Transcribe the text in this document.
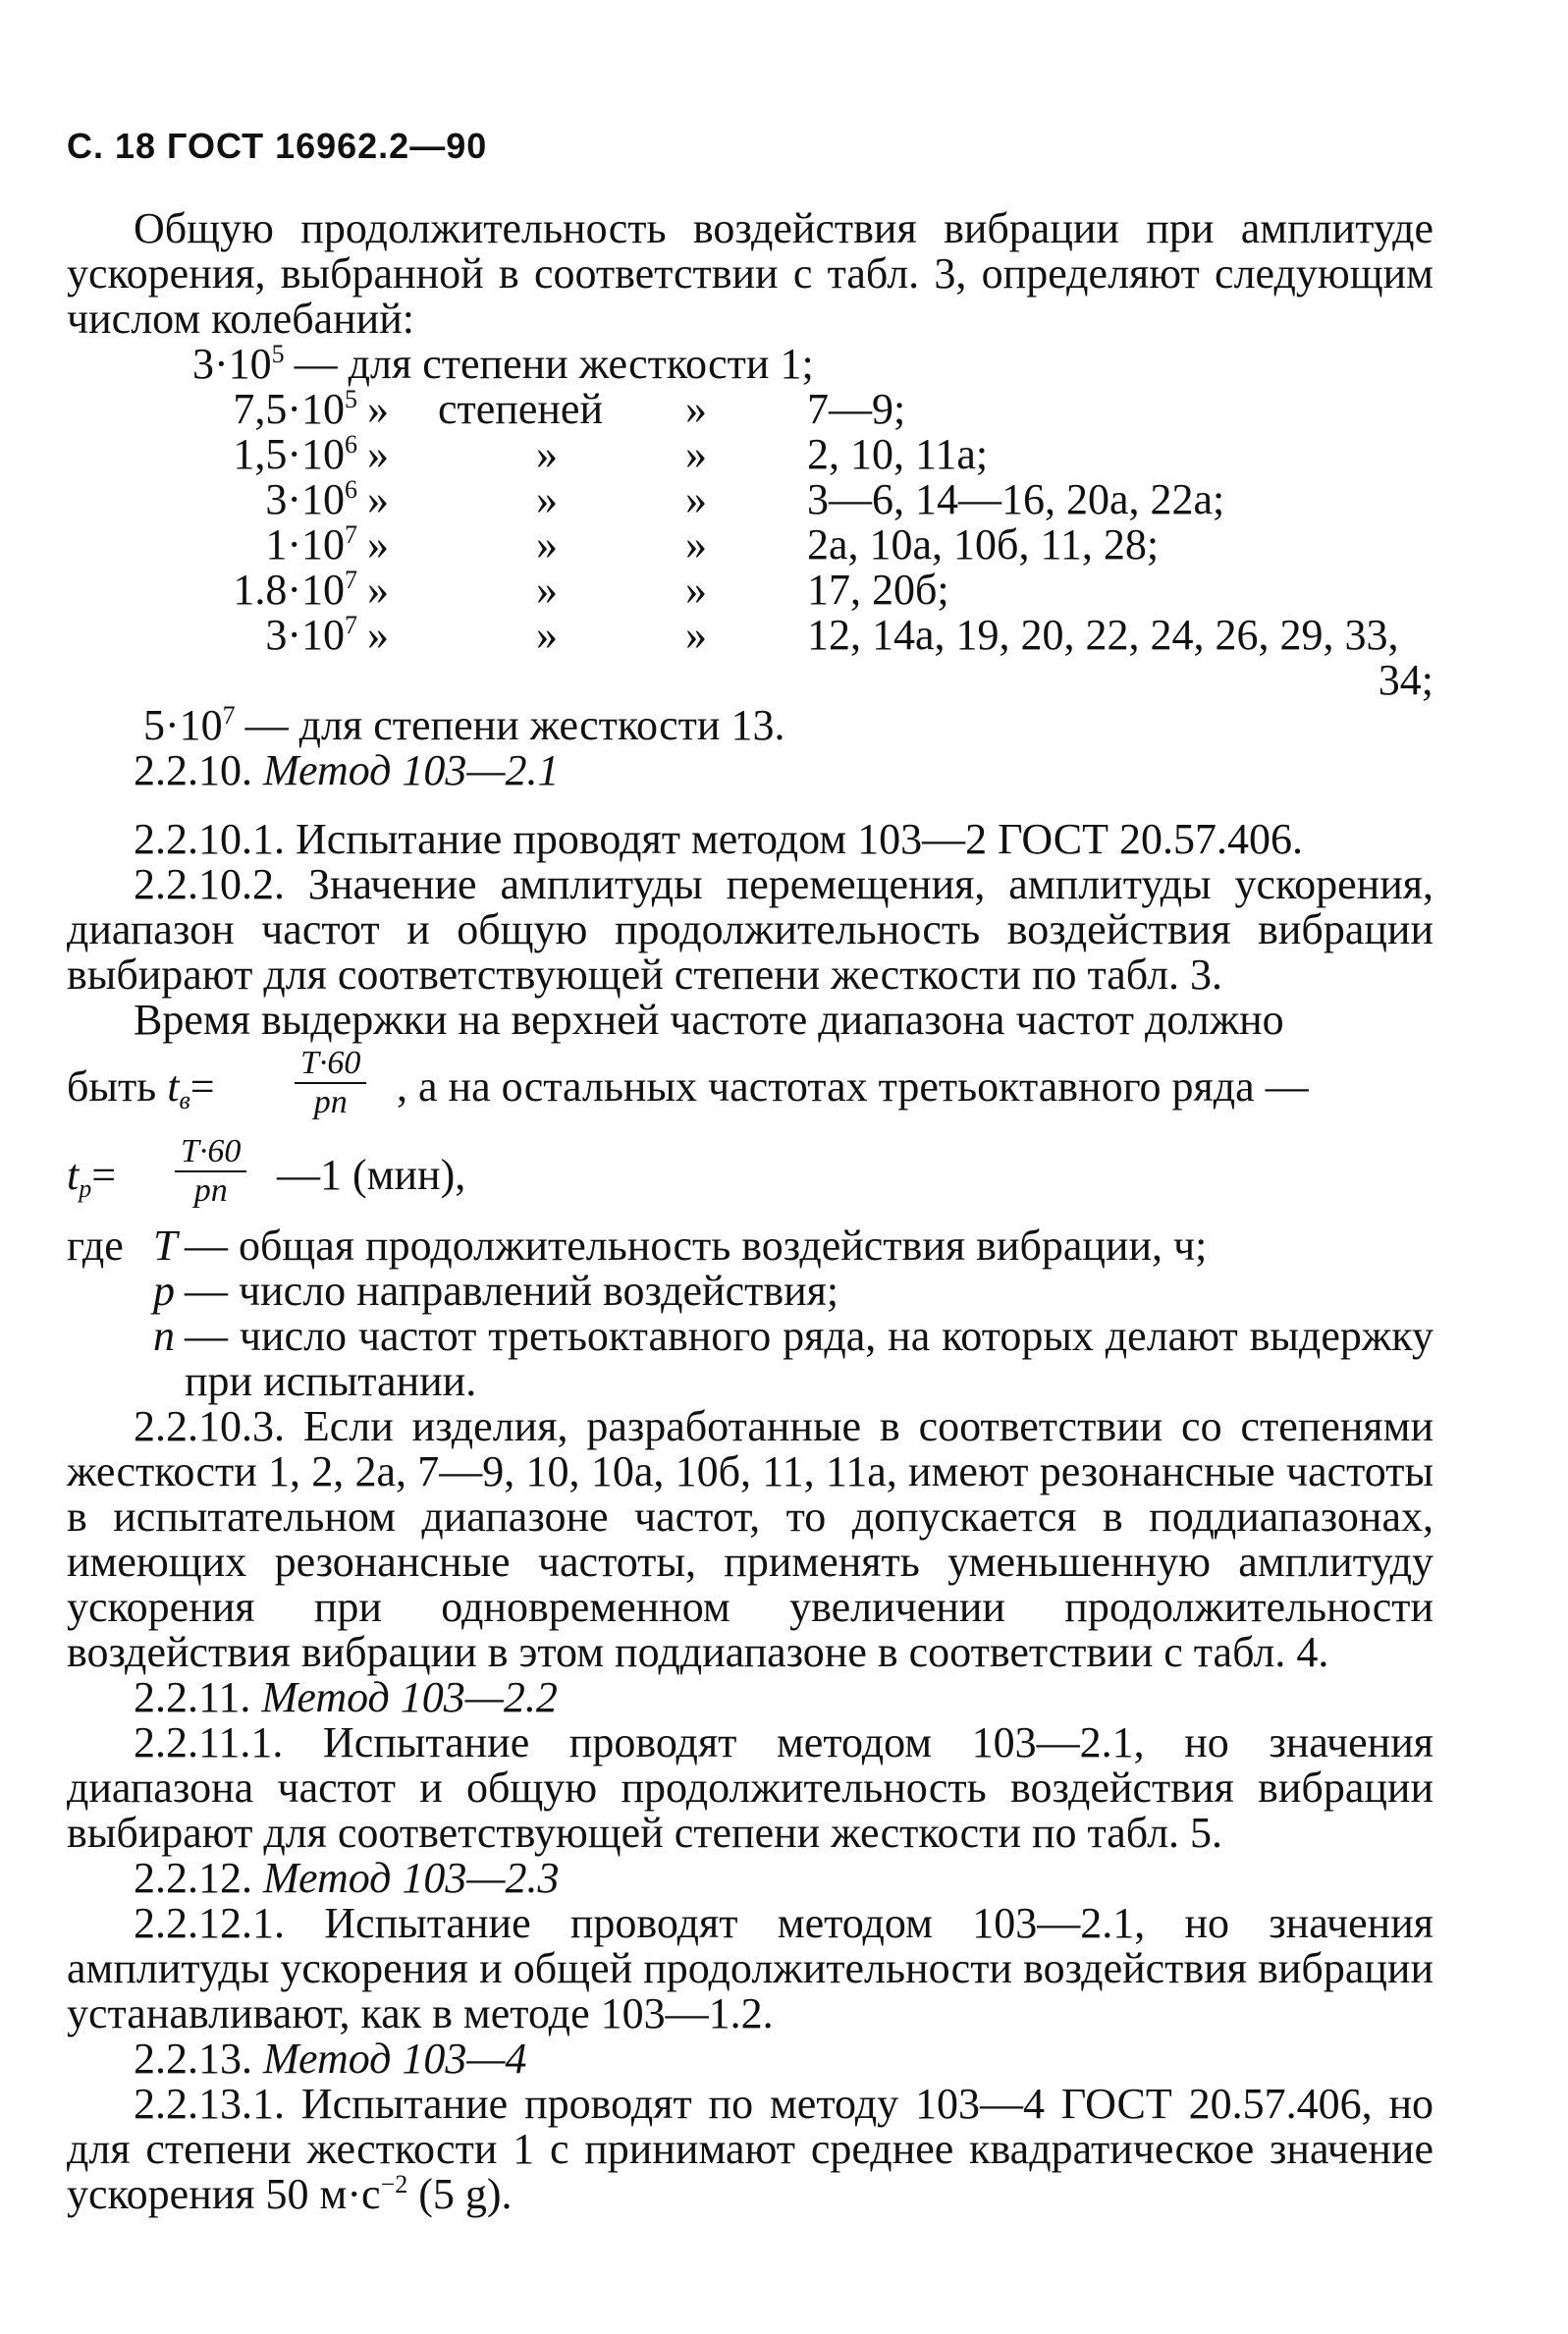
С. 18 ГОСТ 16962.2—90

Общую продолжительность воздействия вибрации при амплитуде ускорения, выбранной в соответствии с табл. 3, определяют следующим числом колебаний:

$3\cdot 10^5$ — для степени жесткости 1;
$7,5\cdot 10^5$ » степеней » 7—9;
$1,5\cdot 10^6$ »	»	» 2, 10, 11а;
$3\cdot 10^6$ »	»	» 3—6, 14—16, 20а, 22а;
$1\cdot 10^7$ »	»	» 2а, 10а, 10б, 11, 28;
$1.8\cdot 10^7$ »	»	» 17, 20б;
$3\cdot 10^7$ »	»	» 12, 14а, 19, 20, 22, 24, 26, 29, 33,
34;
$5\cdot 10^7$ — для степени жесткости 13.
2.2.10. Метод 103—2.1

2.2.10.1. Испытание проводят методом 103—2 ГОСТ 20.57.406.

2.2.10.2. Значение амплитуды перемещения, амплитуды ускорения, диапазон частот и общую продолжительность воздействия вибрации выбирают для соответствующей степени жесткости по табл. 3.

Время выдержки на верхней частоте диапазона частот должно

быть $t_в= \frac{T\cdot 60}{pn}$ , а на остальных частотах третьоктавного ряда —
$t_р= \frac{T\cdot 60}{pn}$ —1 (мин),
где T — общая продолжительность воздействия вибрации, ч;
p — число направлений воздействия;
n — число частот третьоктавного ряда, на которых делают выдержку при испытании.

2.2.10.3. Если изделия, разработанные в соответствии со степенями жесткости 1, 2, 2а, 7—9, 10, 10а, 10б, 11, 11а, имеют резонансные частоты в испытательном диапазоне частот, то допускается в поддиапазонах, имеющих резонансные частоты, применять уменьшенную амплитуду ускорения при одновременном увеличении продолжительности воздействия вибрации в этом поддиапазоне в соответствии с табл. 4.

2.2.11. Метод 103—2.2

2.2.11.1. Испытание проводят методом 103—2.1, но значения диапазона частот и общую продолжительность воздействия вибрации выбирают для соответствующей степени жесткости по табл. 5.

2.2.12. Метод 103—2.3

2.2.12.1. Испытание проводят методом 103—2.1, но значения амплитуды ускорения и общей продолжительности воздействия вибрации устанавливают, как в методе 103—1.2.

2.2.13. Метод 103—4

2.2.13.1. Испытание проводят по методу 103—4 ГОСТ 20.57.406, но для степени жесткости 1 с принимают среднее квадратическое значение ускорения 50 $м\cdot с^{-2}$ (5 g).
